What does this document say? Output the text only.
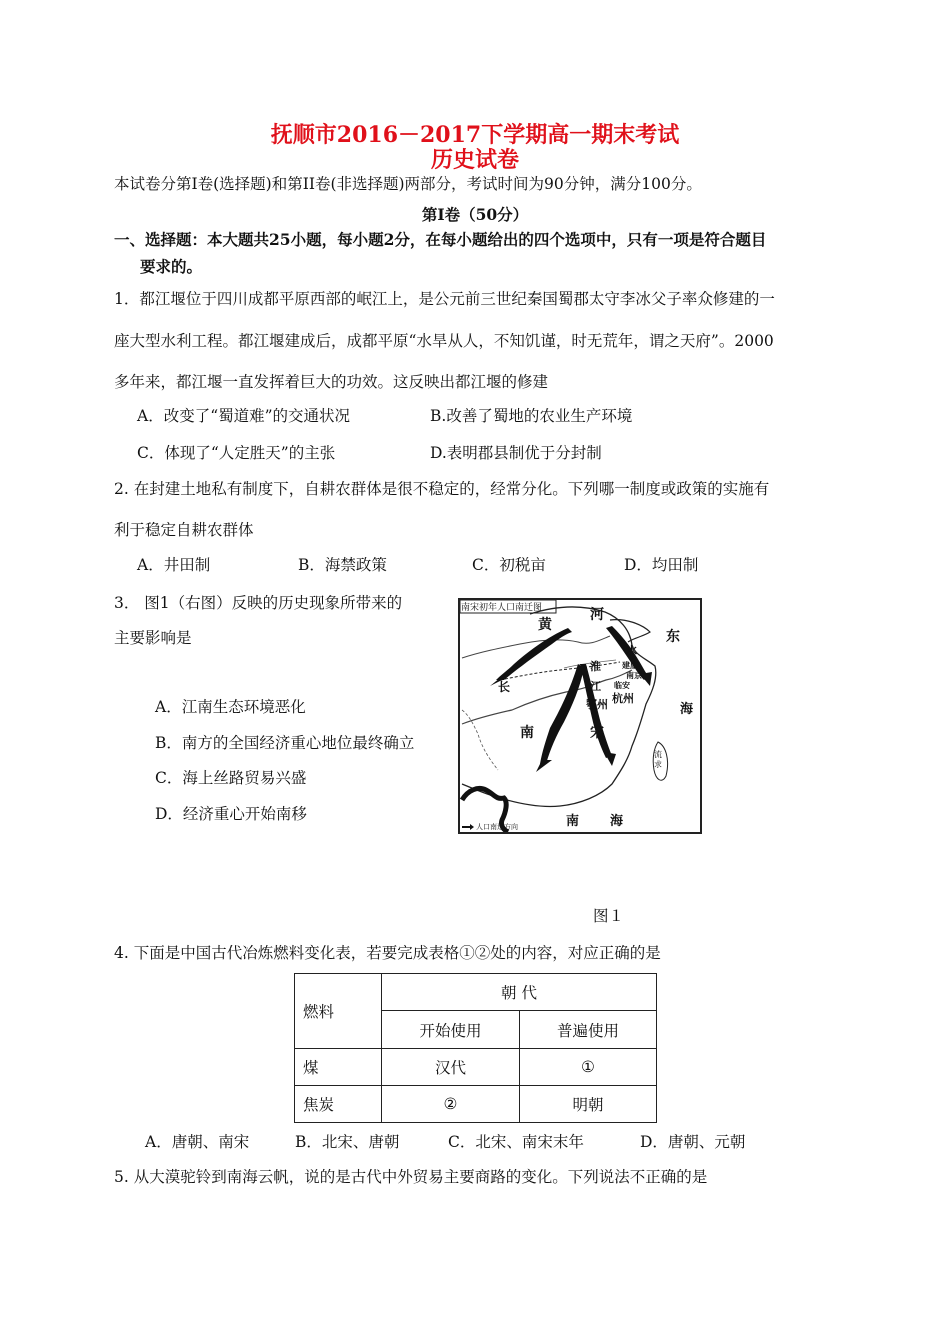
抚顺市2016－2017下学期高一期末考试
历史试卷
本试卷分第Ⅰ卷(选择题)和第II卷(非选择题)两部分，考试时间为90分钟，满分100分。
第Ⅰ卷（50分）
一、选择题：本大题共25小题，每小题2分，在每小题给出的四个选项中，只有一项是符合题目
要求的。
1．都江堰位于四川成都平原西部的岷江上，是公元前三世纪秦国蜀郡太守李冰父子率众修建的一
座大型水利工程。都江堰建成后，成都平原“水旱从人，不知饥谨，时无荒年，谓之天府”。2000
多年来，都江堰一直发挥着巨大的功效。这反映出都江堰的修建
A．改变了“蜀道难”的交通状况	B.改善了蜀地的农业生产环境
C．体现了“人定胜天”的主张	D.表明郡县制优于分封制
2. 在封建土地私有制度下，自耕农群体是很不稳定的，经常分化。下列哪一制度或政策的实施有
利于稳定自耕农群体
A．井田制	B．海禁政策	C．初税亩	D．均田制
3． 图1（右图）反映的历史现象所带来的
主要影响是
A．江南生态环境恶化
B．南方的全国经济重心地位最终确立
C．海上丝路贸易兴盛
D．经济重心开始南移
南宋初年人口南迁图
黄
河
东
水
淮	建康
南京
临安
长	江
杭州
鄂州	海
南	宋
流求
南 海
人口南迁方向
图１
4. 下面是中国古代冶炼燃料变化表，若要完成表格①②处的内容，对应正确的是
燃料	朝 代	
	开始使用	普遍使用
煤	汉代	①
焦炭	②	明朝
A．唐朝、南宋	B．北宋、唐朝	C．北宋、南宋末年	D．唐朝、元朝
5. 从大漠驼铃到南海云帆，说的是古代中外贸易主要商路的变化。下列说法不正确的是
